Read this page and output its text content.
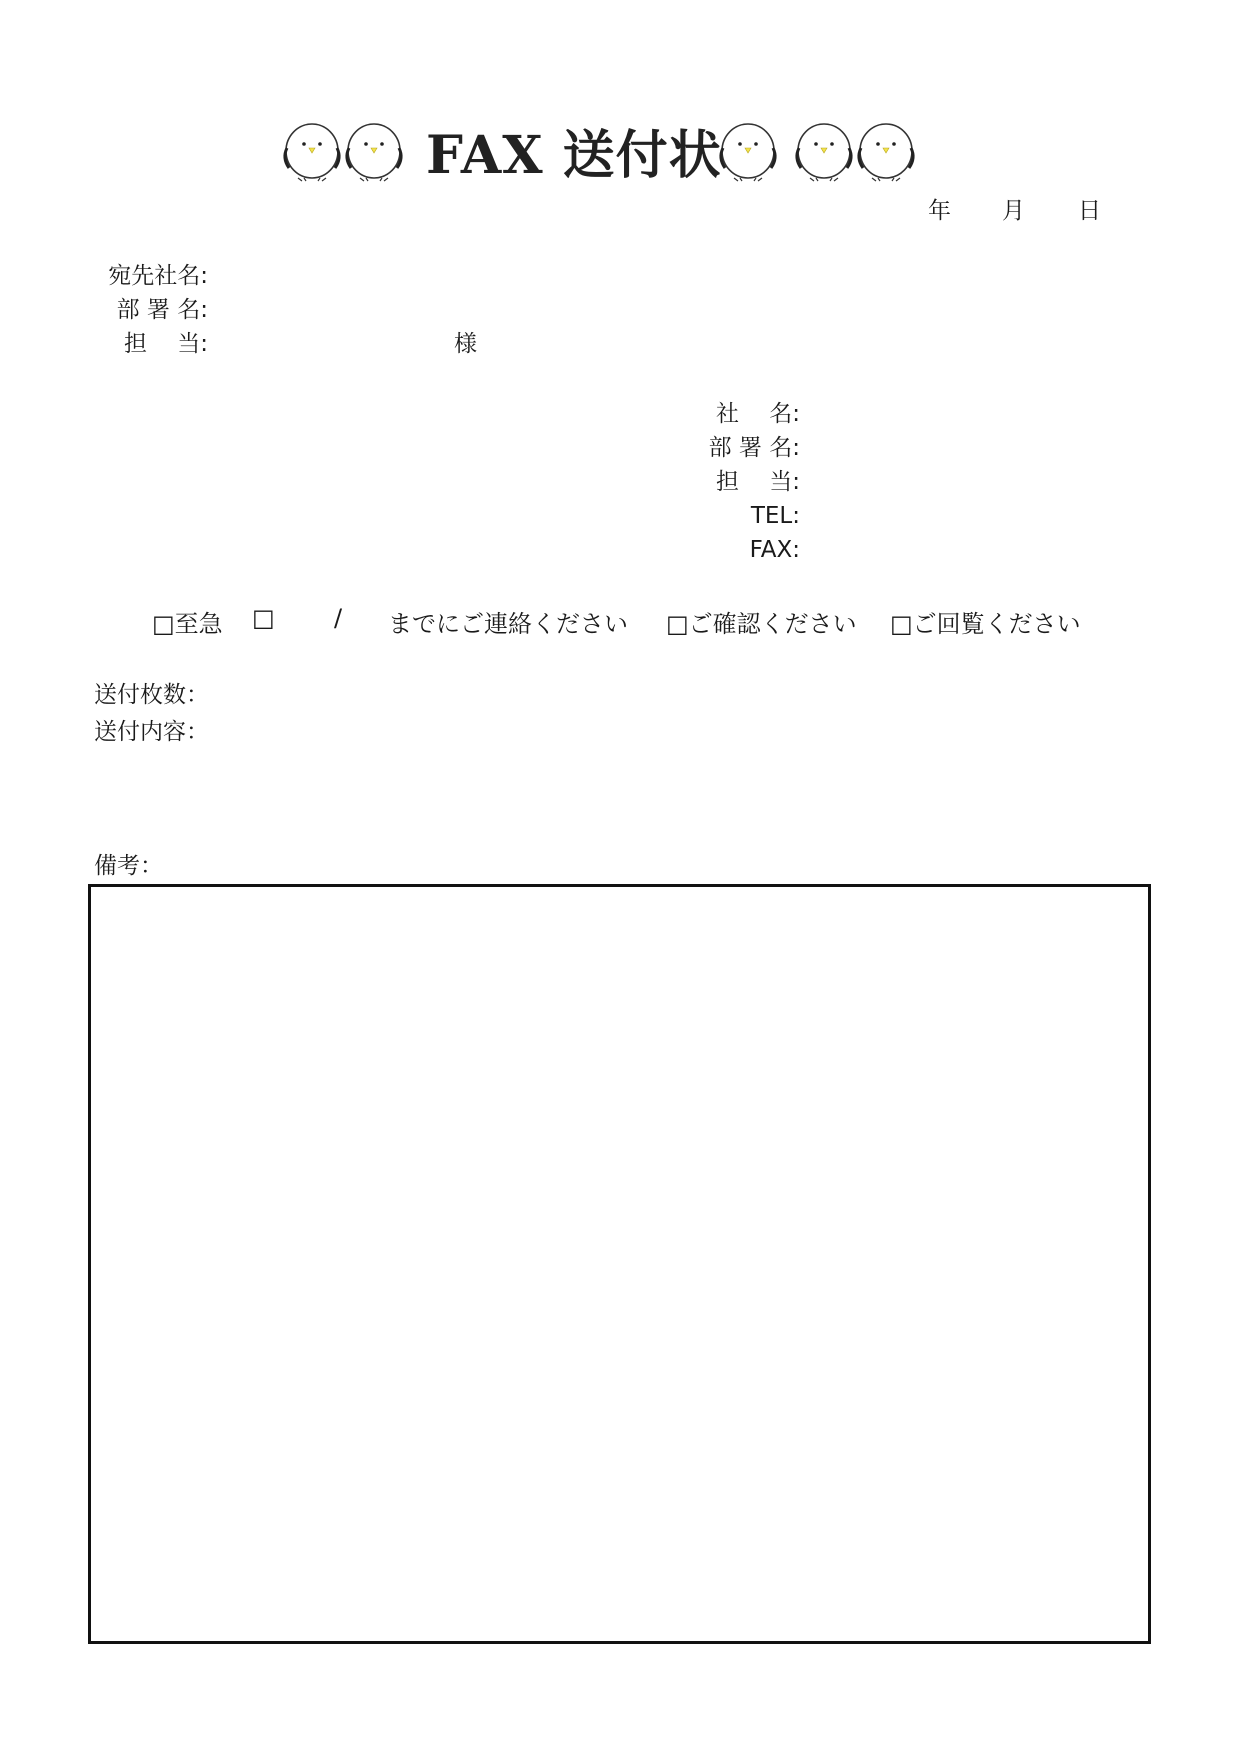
FAX 送付状
年 月 日
宛先社名:
部 署 名:
担　 当:	様
社　 名:
部 署 名:
担　 当:
TEL:
FAX:
□至急 □ / までにご連絡ください □ご確認ください □ご回覧ください
送付枚数：
送付内容：
備考：
